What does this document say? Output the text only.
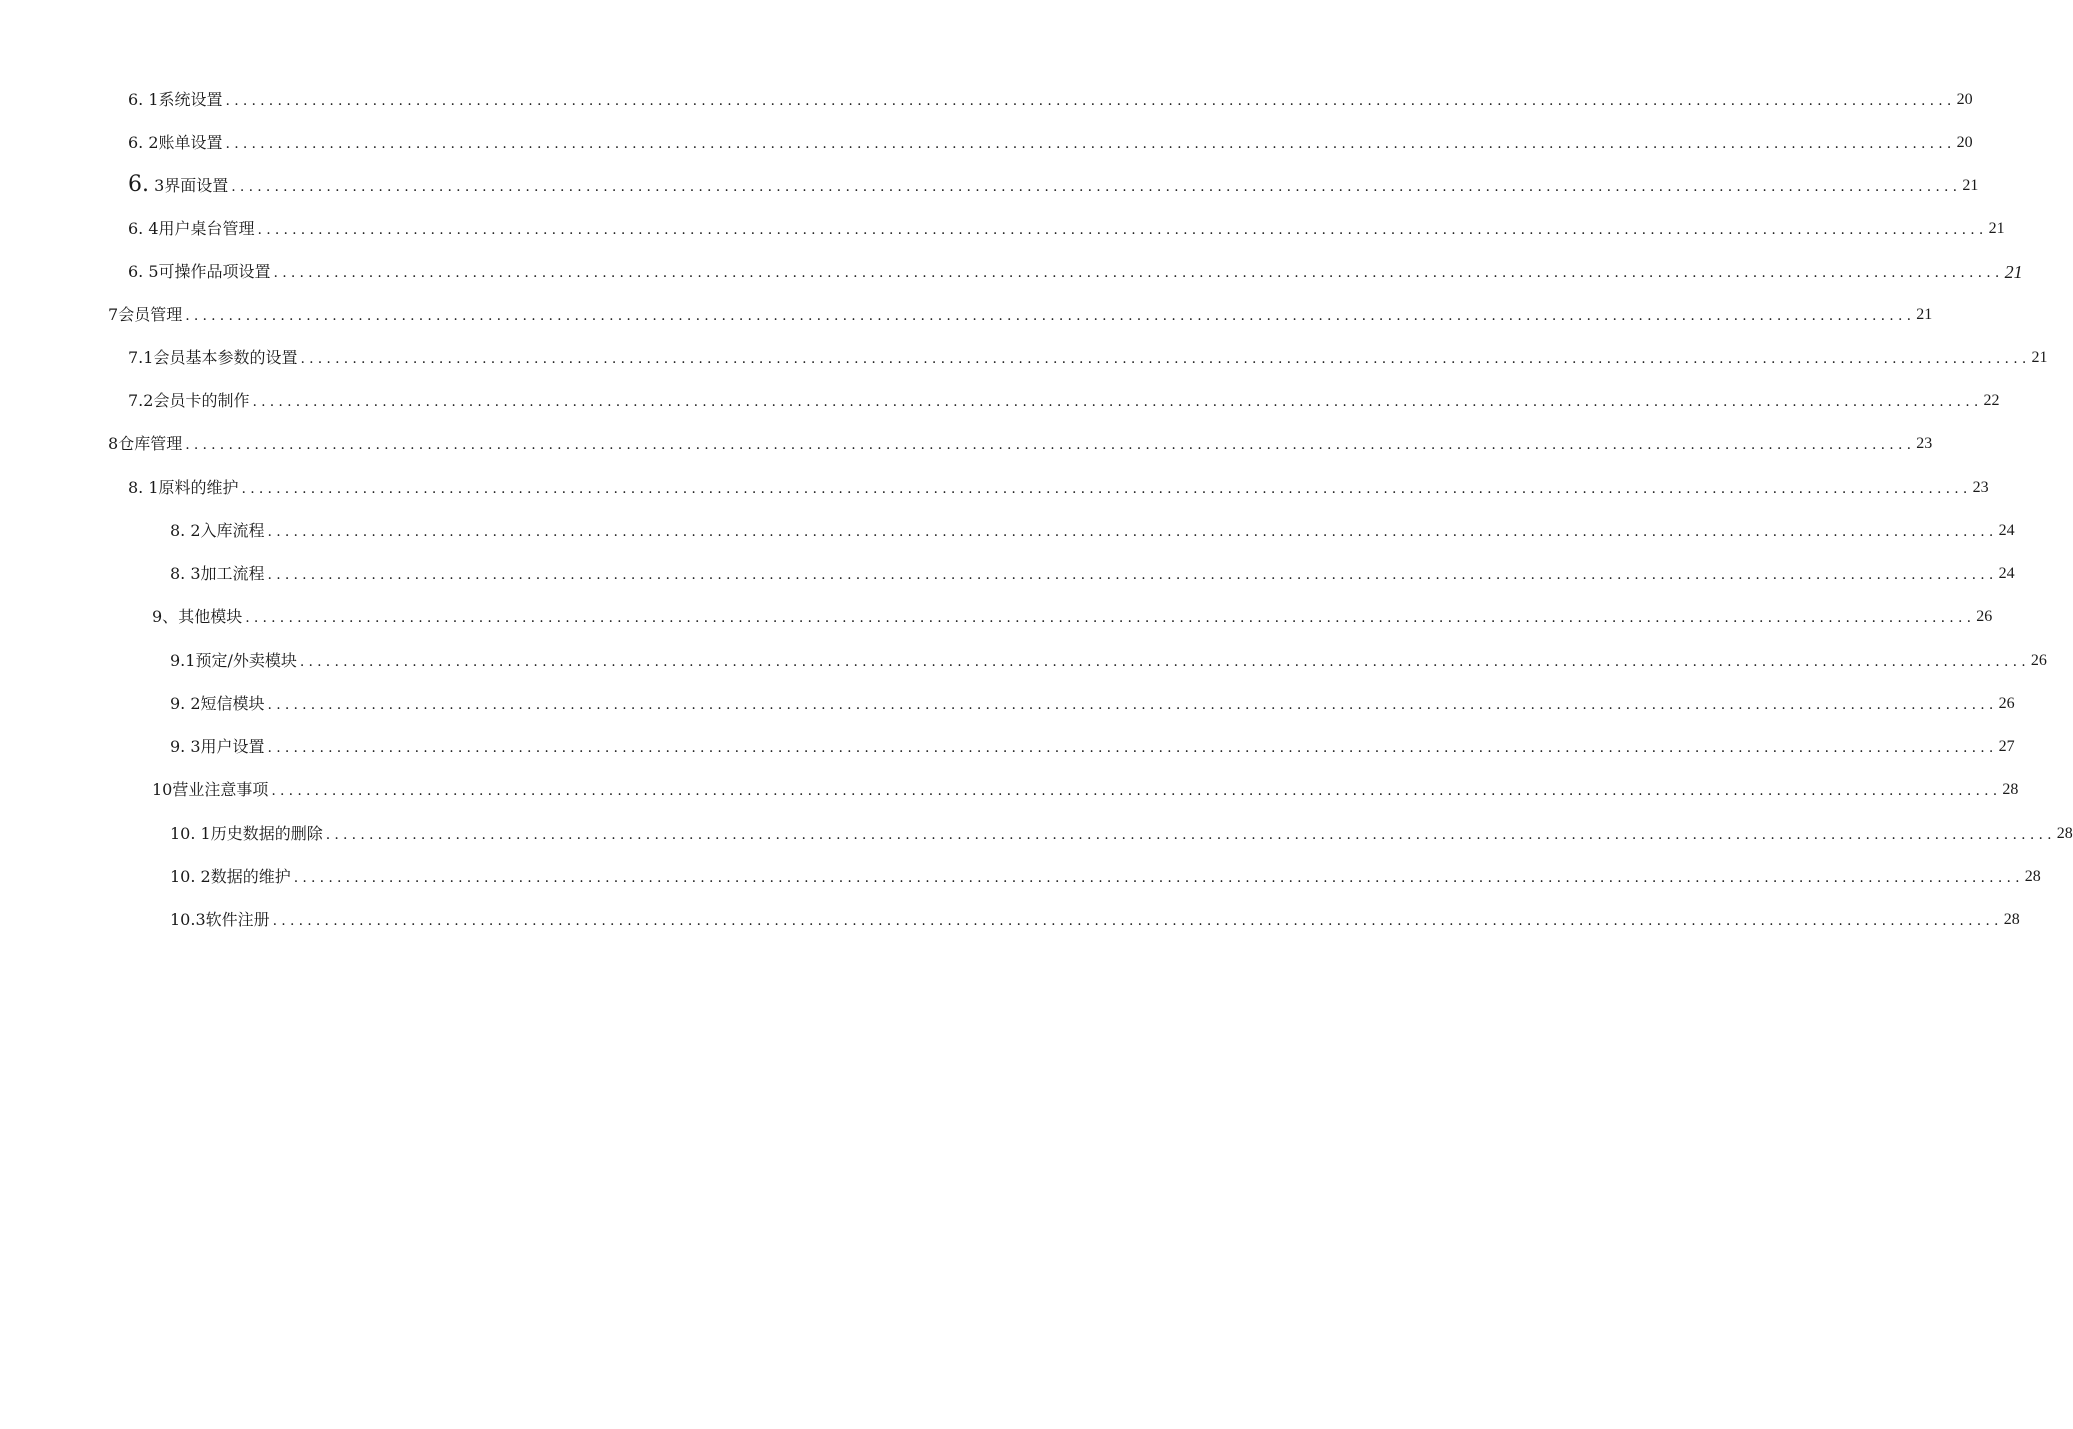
6. 1系统设置 ........................................................................................................................................................................................................ 20
6. 2账单设置 ........................................................................................................................................................................................................ 20
6. 3界面设置 ........................................................................................................................................................................................................ 21
6. 4用户桌台管理 ........................................................................................................................................................................................................ 21
6. 5可操作品项设置 ........................................................................................................................................................................................................ 21
7会员管理 ........................................................................................................................................................................................................ 21
7.1会员基本参数的设置 ........................................................................................................................................................................................................ 21
7.2会员卡的制作 ........................................................................................................................................................................................................ 22
8仓库管理 ........................................................................................................................................................................................................ 23
8. 1原料的维护 ........................................................................................................................................................................................................ 23
8. 2入库流程 ........................................................................................................................................................................................................ 24
8. 3加工流程 ........................................................................................................................................................................................................ 24
9、其他模块 ........................................................................................................................................................................................................ 26
9.1预定/外卖模块 ........................................................................................................................................................................................................ 26
9. 2短信模块 ........................................................................................................................................................................................................ 26
9. 3用户设置 ........................................................................................................................................................................................................ 27
10营业注意事项 ........................................................................................................................................................................................................ 28
10. 1历史数据的删除 ........................................................................................................................................................................................................ 28
10. 2数据的维护 ........................................................................................................................................................................................................ 28
10.3软件注册 ........................................................................................................................................................................................................ 28
